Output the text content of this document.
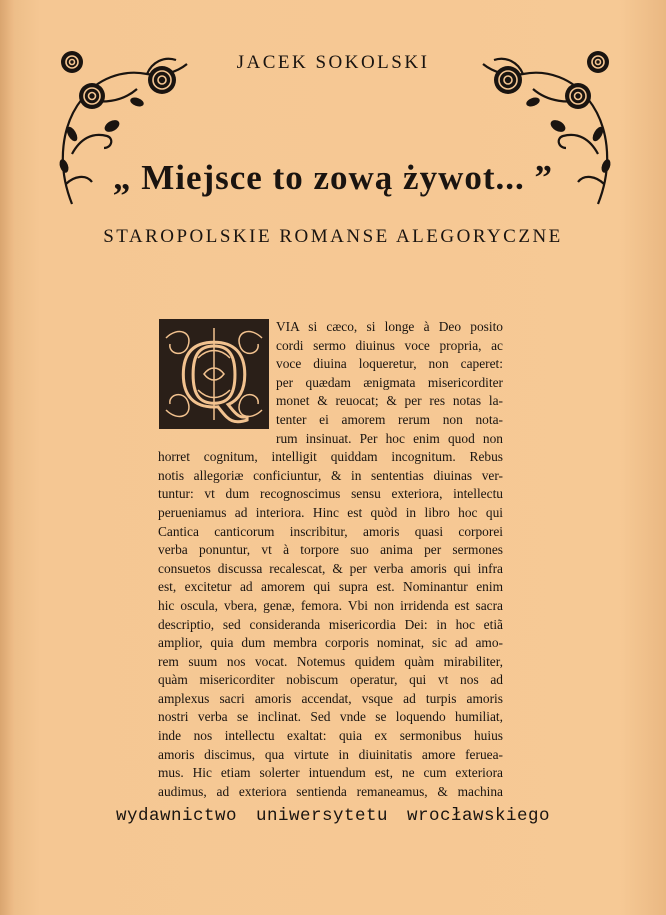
JACEK SOKOLSKI
„ Miejsce to zową żywot... ”
STAROPOLSKIE ROMANSE ALEGORYCZNE
Q	VIA si cæco, si longe à Deo posito
cordi sermo diuinus voce propria, ac
voce diuina loqueretur, non caperet:
per quædam ænigmata misericorditer
monet & reuocat; & per res notas la-
tenter ei amorem rerum non nota-
rum insinuat. Per hoc enim quod non
horret cognitum, intelligit quiddam incognitum. Rebus
notis allegoriæ conficiuntur, & in sententias diuinas ver-
tuntur: vt dum recognoscimus sensu exteriora, intellectu
perueniamus ad interiora. Hinc est quòd in libro hoc qui
Cantica canticorum inscribitur, amoris quasi corporei
verba ponuntur, vt à torpore suo anima per sermones
consuetos discussa recalescat, & per verba amoris qui infra
est, excitetur ad amorem qui supra est. Nominantur enim
hic oscula, vbera, genæ, femora. Vbi non irridenda est sacra
descriptio, sed consideranda misericordia Dei: in hoc etiã
amplior, quia dum membra corporis nominat, sic ad amo-
rem suum nos vocat. Notemus quidem quàm mirabiliter,
quàm misericorditer nobiscum operatur, qui vt nos ad
amplexus sacri amoris accendat, vsque ad turpis amoris
nostri verba se inclinat. Sed vnde se loquendo humiliat,
inde nos intellectu exaltat: quia ex sermonibus huius
amoris discimus, qua virtute in diuinitatis amore ferueа-
mus. Hic etiam solerter intuendum est, ne cum exteriora
audimus, ad exteriora sentienda remaneamus, & machina
wydawnictwo uniwersytetu wrocławskiego
